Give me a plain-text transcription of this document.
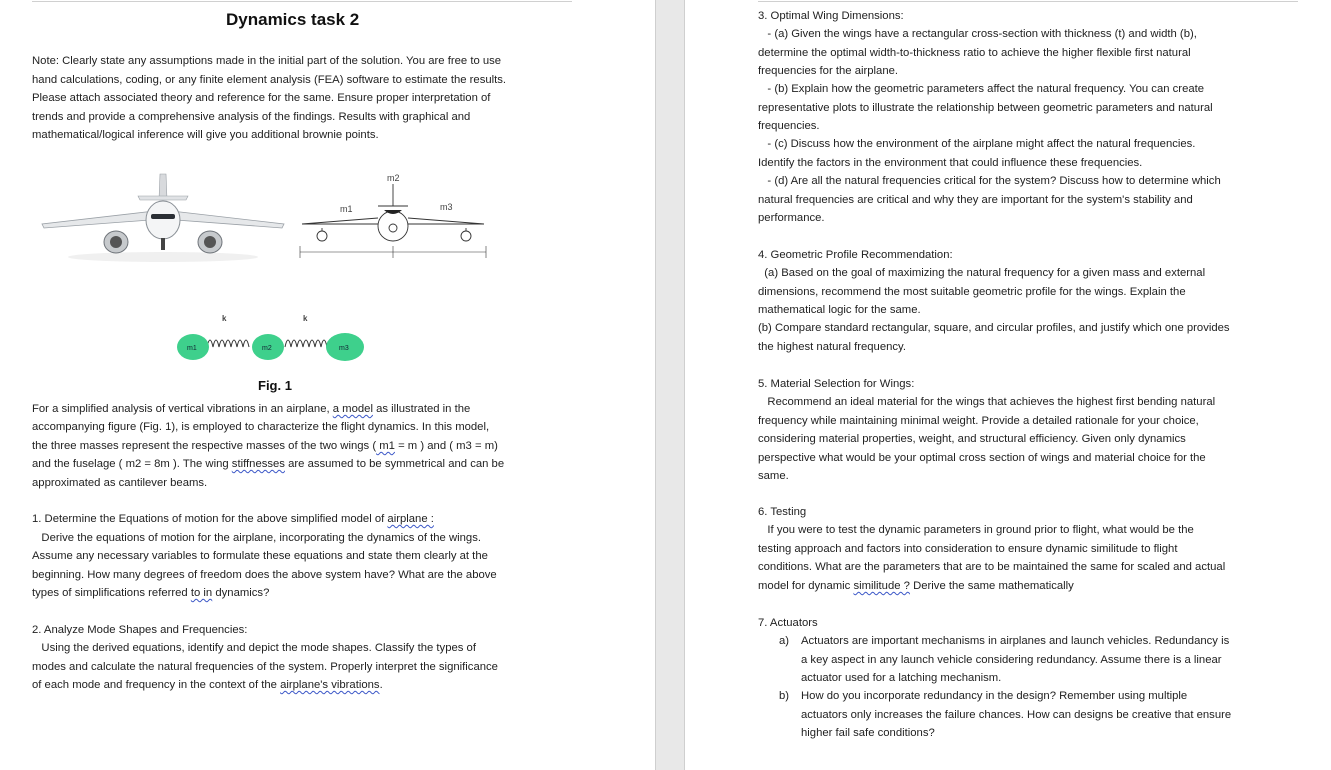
Dynamics task 2
Note: Clearly state any assumptions made in the initial part of the solution. You are free to use
hand calculations, coding, or any finite element analysis (FEA) software to estimate the results.
Please attach associated theory and reference for the same. Ensure proper interpretation of
trends and provide a comprehensive analysis of the findings. Results with graphical and
mathematical/logical inference will give you additional brownie points.
m2
m1	m3
k	k
m1	m2	m3
Fig. 1
For a simplified analysis of vertical vibrations in an airplane, a model as illustrated in the
accompanying figure (Fig. 1), is employed to characterize the flight dynamics. In this model,
the three masses represent the respective masses of the two wings ( m1 = m ) and ( m3 = m)
and the fuselage ( m2 = 8m ). The wing stiffnesses are assumed to be symmetrical and can be
approximated as cantilever beams.
1. Determine the Equations of motion for the above simplified model of airplane :
Derive the equations of motion for the airplane, incorporating the dynamics of the wings.
Assume any necessary variables to formulate these equations and state them clearly at the
beginning. How many degrees of freedom does the above system have? What are the above
types of simplifications referred to in dynamics?
2. Analyze Mode Shapes and Frequencies:
Using the derived equations, identify and depict the mode shapes. Classify the types of
modes and calculate the natural frequencies of the system. Properly interpret the significance
of each mode and frequency in the context of the airplane's vibrations.
3. Optimal Wing Dimensions:
- (a) Given the wings have a rectangular cross-section with thickness (t) and width (b),
determine the optimal width-to-thickness ratio to achieve the higher flexible first natural
frequencies for the airplane.
- (b) Explain how the geometric parameters affect the natural frequency. You can create
representative plots to illustrate the relationship between geometric parameters and natural
frequencies.
- (c) Discuss how the environment of the airplane might affect the natural frequencies.
Identify the factors in the environment that could influence these frequencies.
- (d) Are all the natural frequencies critical for the system? Discuss how to determine which
natural frequencies are critical and why they are important for the system's stability and
performance.
4. Geometric Profile Recommendation:
(a) Based on the goal of maximizing the natural frequency for a given mass and external
dimensions, recommend the most suitable geometric profile for the wings. Explain the
mathematical logic for the same.
(b) Compare standard rectangular, square, and circular profiles, and justify which one provides
the highest natural frequency.
5. Material Selection for Wings:
Recommend an ideal material for the wings that achieves the highest first bending natural
frequency while maintaining minimal weight. Provide a detailed rationale for your choice,
considering material properties, weight, and structural efficiency. Given only dynamics
perspective what would be your optimal cross section of wings and material choice for the
same.
6. Testing
If you were to test the dynamic parameters in ground prior to flight, what would be the
testing approach and factors into consideration to ensure dynamic similitude to flight
conditions. What are the parameters that are to be maintained the same for scaled and actual
model for dynamic similitude ? Derive the same mathematically
7. Actuators
a) Actuators are important mechanisms in airplanes and launch vehicles. Redundancy is
a key aspect in any launch vehicle considering redundancy. Assume there is a linear
actuator used for a latching mechanism.
b) How do you incorporate redundancy in the design? Remember using multiple
actuators only increases the failure chances. How can designs be creative that ensure
higher fail safe conditions?
